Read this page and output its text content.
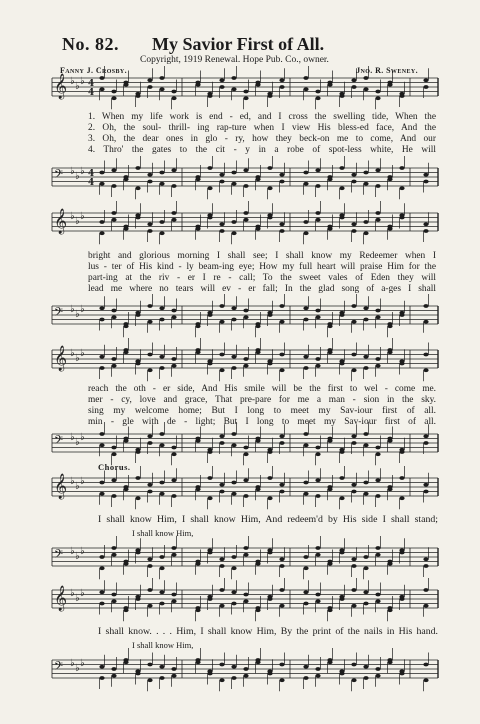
No. 82. My Savior First of All.
Copyright, 1919 Renewal. Hope Pub. Co., owner.
Fanny J. Crosby.	Jno. R. Sweney.
𝄞 ♭ ♭ ♭ 4
4
1. When my life work is end - ed, and I cross the swelling tide, When the
2. Oh, the soul- thrill- ing rap-ture when I view His bless-ed face, And the
3. Oh, the dear ones in glo - ry, how they beck-on me to come, And our
4. Thro' the gates to the cit - y in a robe of spot-less white, He will
𝄢 ♭ ♭ ♭ 4
4
𝄞 ♭ ♭ ♭
bright and glorious morning I shall see; I shall know my Redeemer when I
lus - ter of His kind - ly beam-ing eye; How my full heart will praise Him for the
part-ing at the riv - er I re - call; To the sweet vales of Eden they will
lead me where no tears will ev - er fall; In the glad song of a-ges I shall
𝄢 ♭ ♭ ♭
𝄞 ♭ ♭ ♭
reach the oth - er side, And His smile will be the first to wel - come me.
mer - cy, love and grace, That pre-pare for me a man - sion in the sky.
sing my welcome home; But I long to meet my Sav-iour first of all.
min - gle with de - light; But I long to meet my Sav-iour first of all.
𝄢 ♭ ♭ ♭
Chorus.
𝄞 ♭ ♭ ♭
I shall know Him, I shall know Him, And redeem'd by His side I shall stand;
I shall know Him,
𝄢 ♭ ♭ ♭
𝄞 ♭ ♭ ♭
I shall know. . . . Him, I shall know Him, By the print of the nails in His hand.
I shall know Him,
𝄢 ♭ ♭ ♭
